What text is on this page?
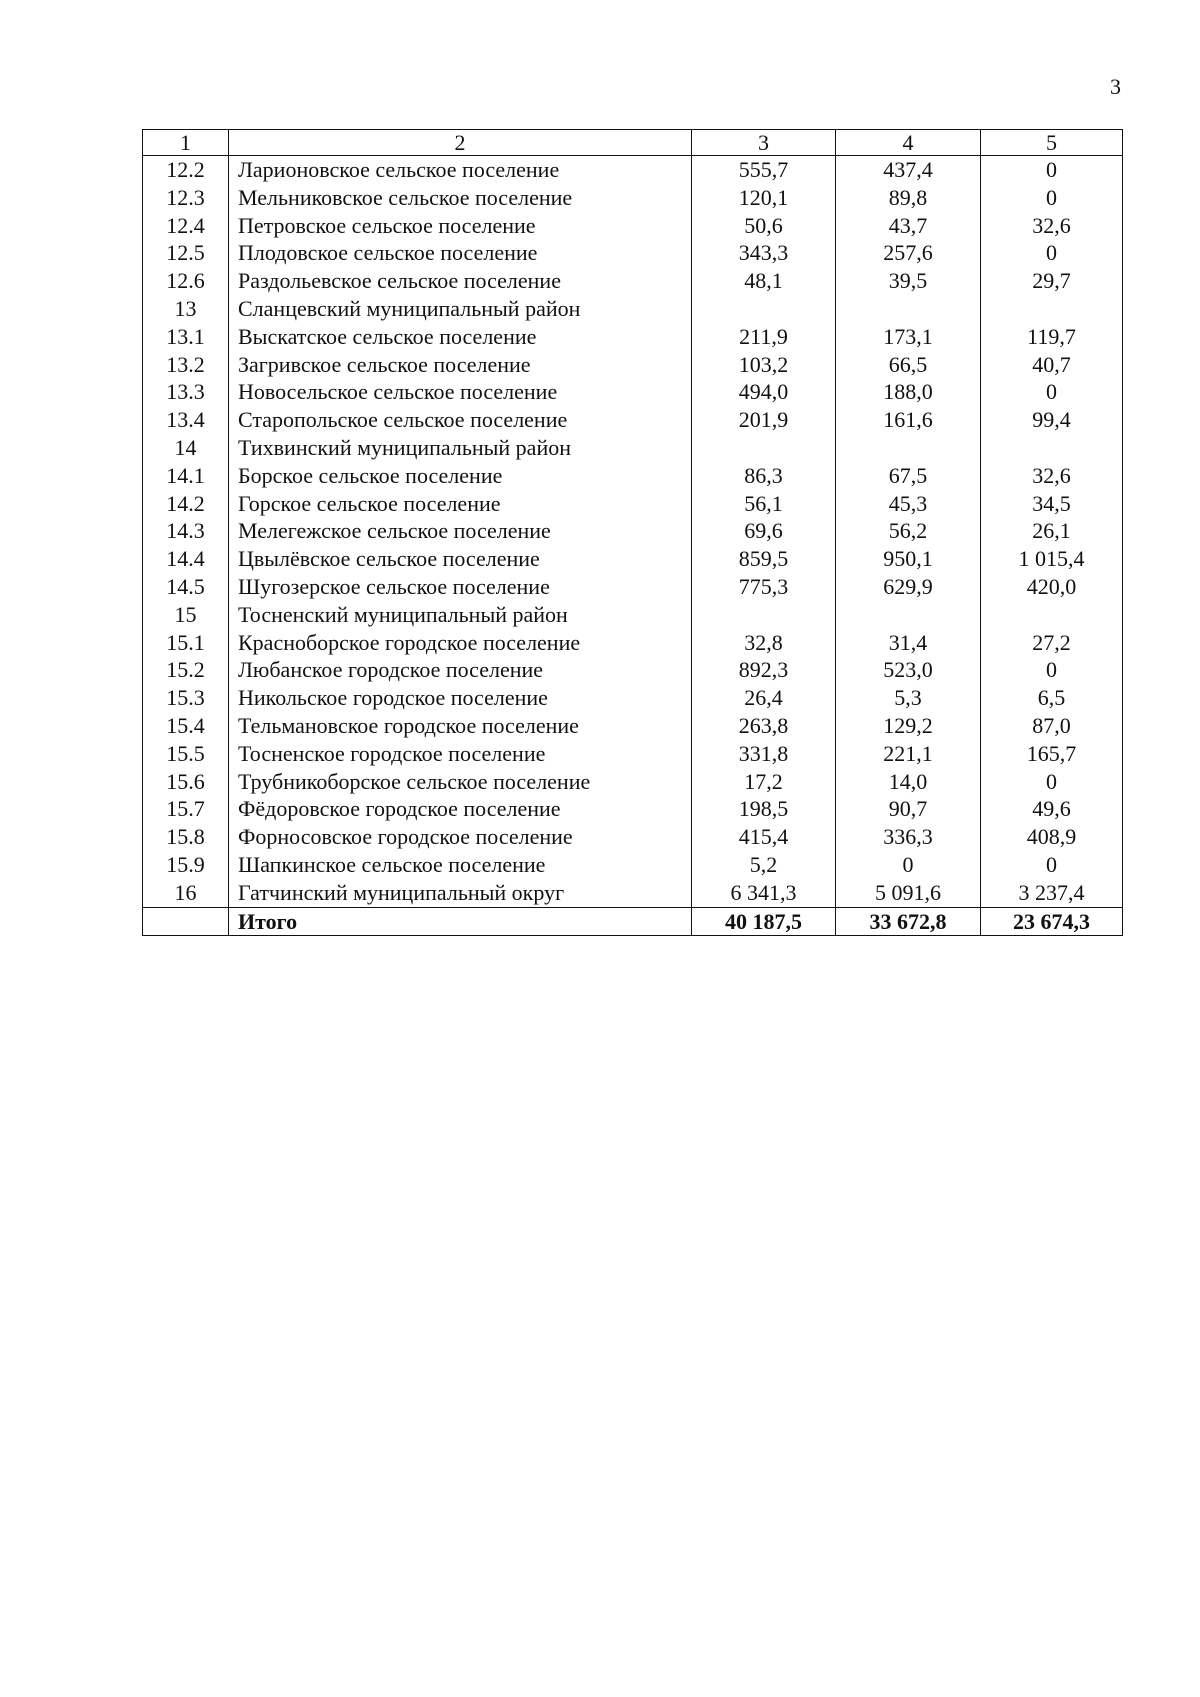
3
1	2	3	4	5
12.2	Ларионовское сельское поселение	555,7	437,4	0
12.3	Мельниковское сельское поселение	120,1	89,8	0
12.4	Петровское сельское поселение	50,6	43,7	32,6
12.5	Плодовское сельское поселение	343,3	257,6	0
12.6	Раздольевское сельское поселение	48,1	39,5	29,7
13	Сланцевский муниципальный район			
13.1	Выскатское сельское поселение	211,9	173,1	119,7
13.2	Загривское сельское поселение	103,2	66,5	40,7
13.3	Новосельское сельское поселение	494,0	188,0	0
13.4	Старопольское сельское поселение	201,9	161,6	99,4
14	Тихвинский муниципальный район			
14.1	Борское сельское поселение	86,3	67,5	32,6
14.2	Горское сельское поселение	56,1	45,3	34,5
14.3	Мелегежское сельское поселение	69,6	56,2	26,1
14.4	Цвылёвское сельское поселение	859,5	950,1	1 015,4
14.5	Шугозерское сельское поселение	775,3	629,9	420,0
15	Тосненский муниципальный район			
15.1	Красноборское городское поселение	32,8	31,4	27,2
15.2	Любанское городское поселение	892,3	523,0	0
15.3	Никольское городское поселение	26,4	5,3	6,5
15.4	Тельмановское городское поселение	263,8	129,2	87,0
15.5	Тосненское городское поселение	331,8	221,1	165,7
15.6	Трубникоборское сельское поселение	17,2	14,0	0
15.7	Фёдоровское городское поселение	198,5	90,7	49,6
15.8	Форносовское городское поселение	415,4	336,3	408,9
15.9	Шапкинское сельское поселение	5,2	0	0
16	Гатчинский муниципальный округ	6 341,3	5 091,6	3 237,4
	Итого	40 187,5	33 672,8	23 674,3
